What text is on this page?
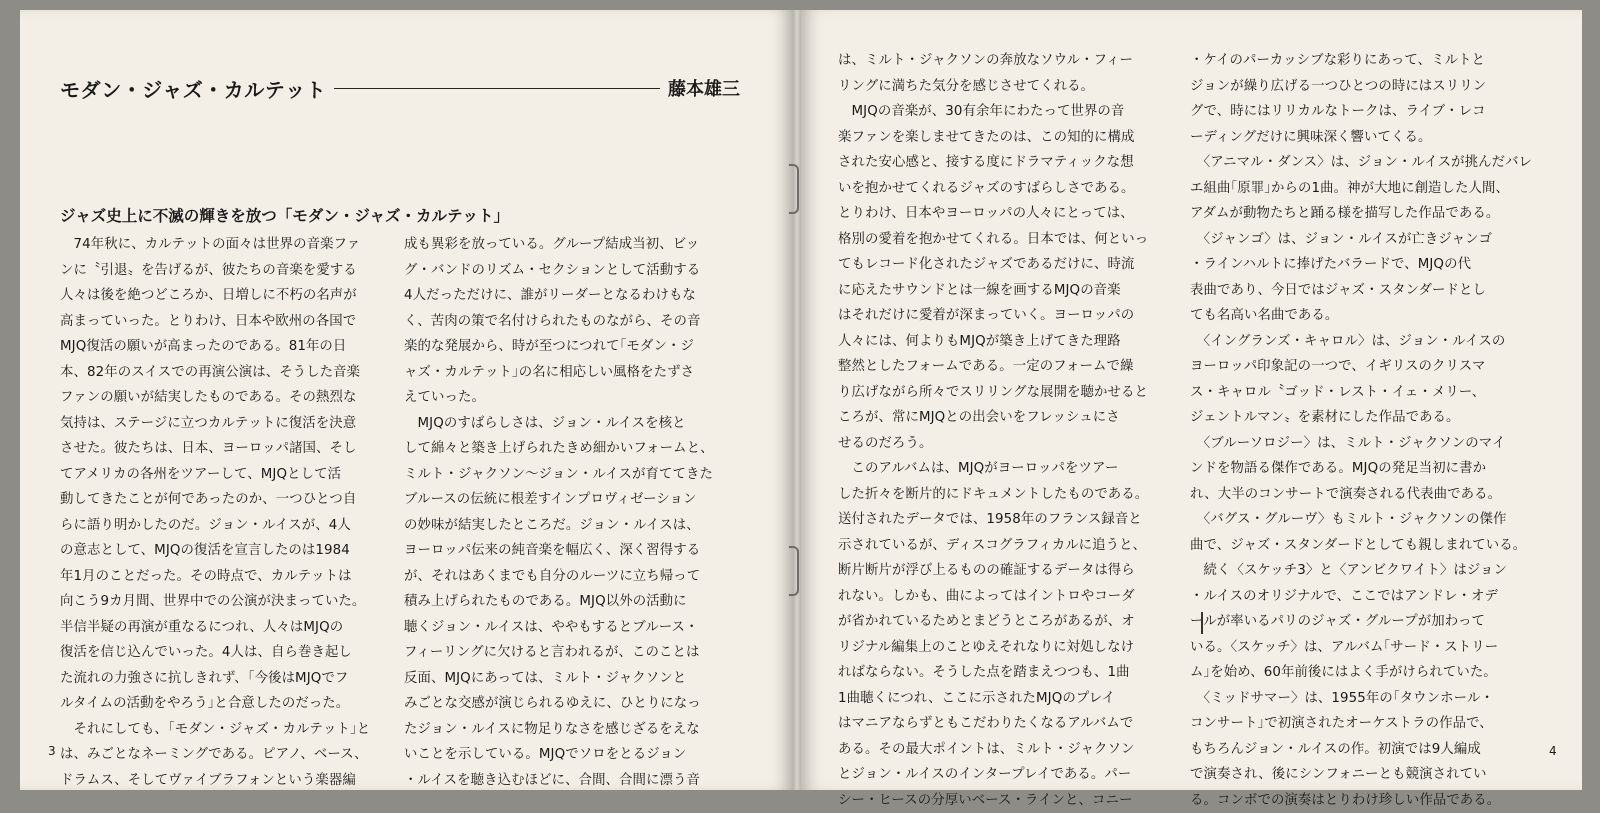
モダン・ジャズ・カルテット	藤本雄三
ジャズ史上に不滅の輝きを放つ「モダン・ジャズ・カルテット」
　74年秋に、カルテットの面々は世界の音楽ファ
ンに〝引退〟を告げるが、彼たちの音楽を愛する
人々は後を絶つどころか、日増しに不朽の名声が
高まっていった。とりわけ、日本や欧州の各国で
MJQ復活の願いが高まったのである。81年の日
本、82年のスイスでの再演公演は、そうした音楽
ファンの願いが結実したものである。その熱烈な
気持は、ステージに立つカルテットに復活を決意
させた。彼たちは、日本、ヨーロッパ諸国、そし
てアメリカの各州をツアーして、MJQとして活
動してきたことが何であったのか、一つひとつ自
らに語り明かしたのだ。ジョン・ルイスが、4人
の意志として、MJQの復活を宣言したのは1984
年1月のことだった。その時点で、カルテットは
向こう9カ月間、世界中での公演が決まっていた。
半信半疑の再演が重なるにつれ、人々はMJQの
復活を信じ込んでいった。4人は、自ら巻き起し
た流れの力強さに抗しきれず、｢今後はMJQでフ
ルタイムの活動をやろう｣と合意したのだった。
　それにしても、｢モダン・ジャズ・カルテット｣と
は、みごとなネーミングである。ピアノ、ベース、
ドラムス、そしてヴァイブラフォンという楽器編
成も異彩を放っている。グループ結成当初、ビッ
グ・バンドのリズム・セクションとして活動する
4人だっただけに、誰がリーダーとなるわけもな
く、苦肉の策で名付けられたものながら、その音
楽的な発展から、時が至つにつれて｢モダン・ジ
ャズ・カルテット｣の名に相応しい風格をたずさ
えていった。
　MJQのすばらしさは、ジョン・ルイスを核と
して綿々と築き上げられたきめ細かいフォームと、
ミルト・ジャクソン〜ジョン・ルイスが育ててきた
ブルースの伝統に根差すインプロヴィゼーション
の妙味が結実したところだ。ジョン・ルイスは、
ヨーロッパ伝来の純音楽を幅広く、深く習得する
が、それはあくまでも自分のルーツに立ち帰って
積み上げられたものである。MJQ以外の活動に
聴くジョン・ルイスは、ややもするとブルース・
フィーリングに欠けると言われるが、このことは
反面、MJQにあっては、ミルト・ジャクソンと
みごとな交感が演じられるゆえに、ひとりになっ
たジョン・ルイスに物足りなさを感じざるをえな
いことを示している。MJQでソロをとるジョン
・ルイスを聴き込むほどに、合間、合間に漂う音
は、ミルト・ジャクソンの奔放なソウル・フィー
リングに満ちた気分を感じさせてくれる。
　MJQの音楽が、30有余年にわたって世界の音
楽ファンを楽しませてきたのは、この知的に構成
された安心感と、接する度にドラマティックな想
いを抱かせてくれるジャズのすばらしさである。
とりわけ、日本やヨーロッパの人々にとっては、
格別の愛着を抱かせてくれる。日本では、何といっ
てもレコード化されたジャズであるだけに、時流
に応えたサウンドとは一線を画するMJQの音楽
はそれだけに愛着が深まっていく。ヨーロッパの
人々には、何よりもMJQが築き上げてきた理路
整然としたフォームである。一定のフォームで繰
り広げながら所々でスリリングな展開を聴かせると
ころが、常にMJQとの出会いをフレッシュにさ
せるのだろう。
　このアルバムは、MJQがヨーロッパをツアー
した折々を断片的にドキュメントしたものである。
送付されたデータでは、1958年のフランス録音と
示されているが、ディスコグラフィカルに追うと、
断片断片が浮び上るものの確証するデータは得ら
れない。しかも、曲によってはイントロやコーダ
が省かれているためとまどうところがあるが、オ
リジナル編集上のことゆえそれなりに対処しなけ
ればならない。そうした点を踏まえつつも、1曲
1曲聴くにつれ、ここに示されたMJQのプレイ
はマニアならずともこだわりたくなるアルバムで
ある。その最大ポイントは、ミルト・ジャクソン
とジョン・ルイスのインタープレイである。パー
シー・ヒースの分厚いベース・ラインと、コニー
・ケイのパーカッシブな彩りにあって、ミルトと
ジョンが繰り広げる一つひとつの時にはスリリン
グで、時にはリリカルなトークは、ライブ・レコ
ーディングだけに興味深く響いてくる。
　〈アニマル・ダンス〉は、ジョン・ルイスが挑んだバレ
エ組曲｢原罪｣からの1曲。神が大地に創造した人間、
アダムが動物たちと踊る様を描写した作品である。
　〈ジャンゴ〉は、ジョン・ルイスが亡きジャンゴ
・ラインハルトに捧げたバラードで、MJQの代
表曲であり、今日ではジャズ・スタンダードとし
ても名高い名曲である。
　〈イングランズ・キャロル〉は、ジョン・ルイスの
ヨーロッパ印象記の一つで、イギリスのクリスマ
ス・キャロル〝ゴッド・レスト・イェ・メリー、
ジェントルマン〟を素材にした作品である。
　〈ブルーソロジー〉は、ミルト・ジャクソンのマイ
ンドを物語る傑作である。MJQの発足当初に書か
れ、大半のコンサートで演奏される代表曲である。
　〈バグス・グルーヴ〉もミルト・ジャクソンの傑作
曲で、ジャズ・スタンダードとしても親しまれている。
　続く〈スケッチ3〉と〈アンビクワイト〉はジョン
・ルイスのオリジナルで、ここではアンドレ・オデ
ールが率いるパリのジャズ・グループが加わって
いる。〈スケッチ〉は、アルバム｢サード・ストリー
ム｣を始め、60年前後にはよく手がけられていた。
　〈ミッドサマー〉は、1955年の｢タウンホール・
コンサート｣で初演されたオーケストラの作品で、
もちろんジョン・ルイスの作。初演では9人編成
で演奏され、後にシンフォニーとも競演されてい
る。コンボでの演奏はとりわけ珍しい作品である。
3	4
